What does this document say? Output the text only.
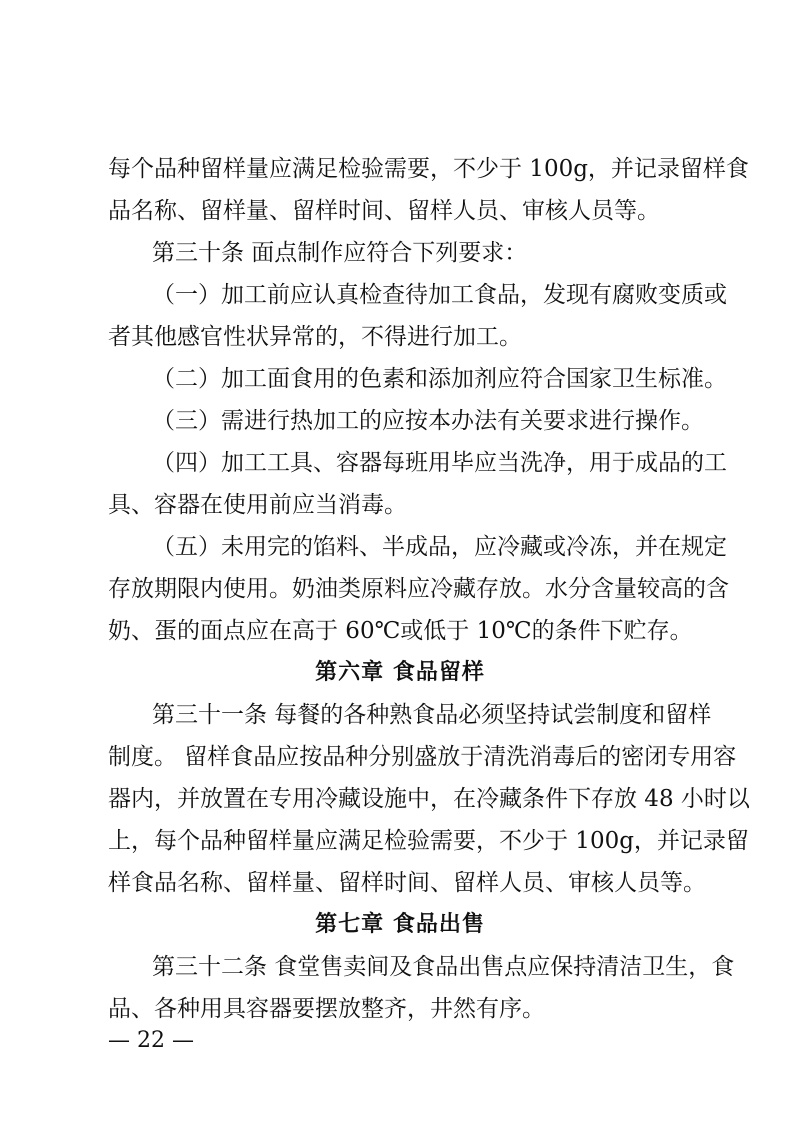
每个品种留样量应满足检验需要，不少于 100g，并记录留样食
品名称、留样量、留样时间、留样人员、审核人员等。
第三十条 面点制作应符合下列要求：
（一）加工前应认真检查待加工食品，发现有腐败变质或
者其他感官性状异常的，不得进行加工。
（二）加工面食用的色素和添加剂应符合国家卫生标准。
（三）需进行热加工的应按本办法有关要求进行操作。
（四）加工工具、容器每班用毕应当洗净，用于成品的工
具、容器在使用前应当消毒。
（五）未用完的馅料、半成品，应冷藏或冷冻，并在规定
存放期限内使用。奶油类原料应冷藏存放。水分含量较高的含
奶、蛋的面点应在高于 60℃或低于 10℃的条件下贮存。
第六章 食品留样
第三十一条 每餐的各种熟食品必须坚持试尝制度和留样
制度。 留样食品应按品种分别盛放于清洗消毒后的密闭专用容
器内，并放置在专用冷藏设施中，在冷藏条件下存放 48 小时以
上，每个品种留样量应满足检验需要，不少于 100g，并记录留
样食品名称、留样量、留样时间、留样人员、审核人员等。
第七章 食品出售
第三十二条 食堂售卖间及食品出售点应保持清洁卫生，食
品、各种用具容器要摆放整齐，井然有序。
— 22 —
